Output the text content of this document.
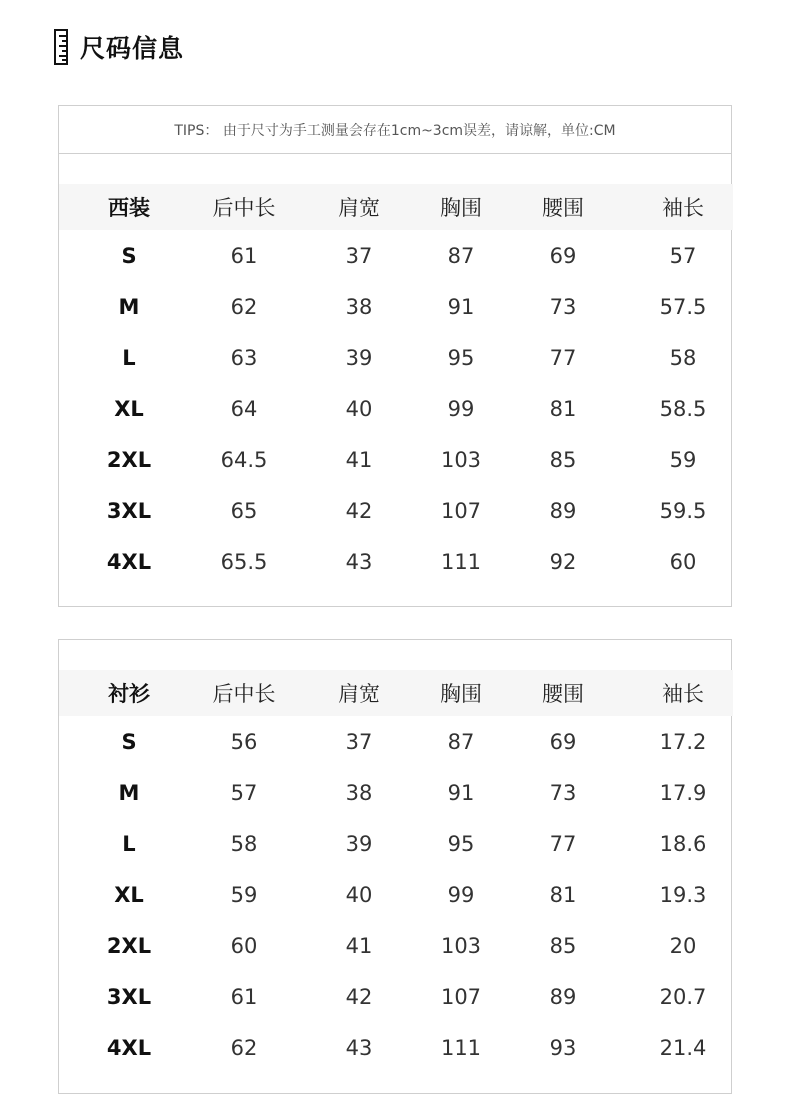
尺码信息
TIPS： 由于尺寸为手工测量会存在1cm~3cm误差，请谅解，单位:CM
西装	后中长	肩宽	胸围	腰围	袖长
S	61	37	87	69	57
M	62	38	91	73	57.5
L	63	39	95	77	58
XL	64	40	99	81	58.5
2XL	64.5	41	103	85	59
3XL	65	42	107	89	59.5
4XL	65.5	43	111	92	60
衬衫	后中长	肩宽	胸围	腰围	袖长
S	56	37	87	69	17.2
M	57	38	91	73	17.9
L	58	39	95	77	18.6
XL	59	40	99	81	19.3
2XL	60	41	103	85	20
3XL	61	42	107	89	20.7
4XL	62	43	111	93	21.4
